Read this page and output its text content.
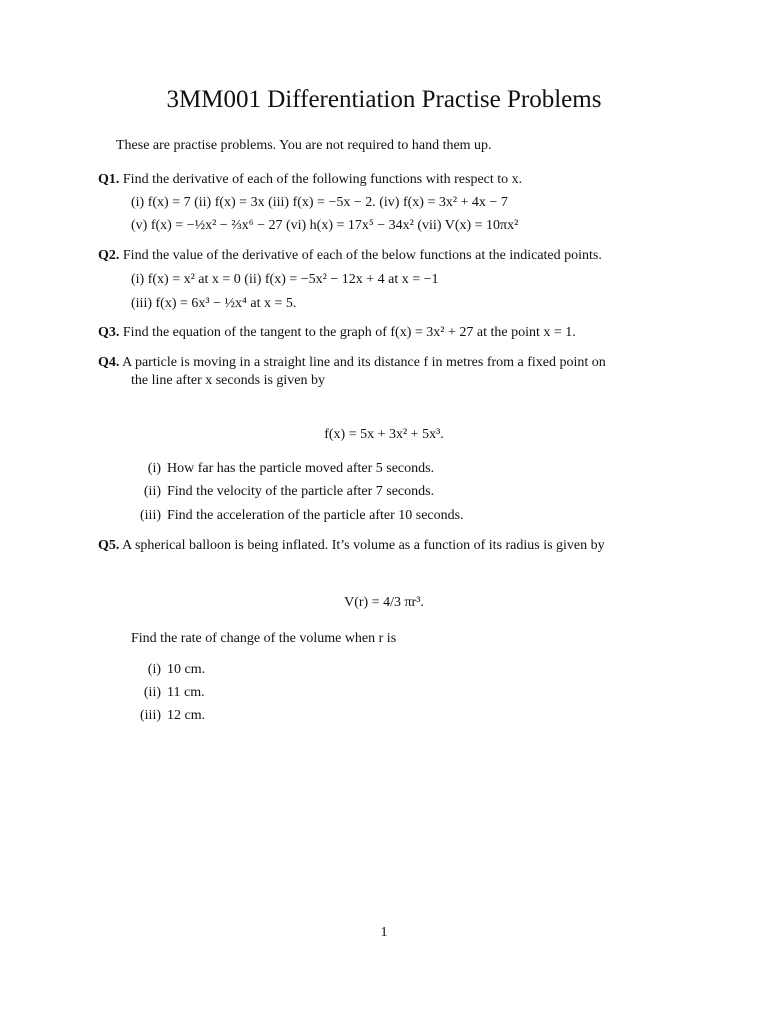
3MM001 Differentiation Practise Problems
These are practise problems. You are not required to hand them up.
Q1. Find the derivative of each of the following functions with respect to x.
(i) f(x) = 7 (ii) f(x) = 3x (iii) f(x) = −5x − 2. (iv) f(x) = 3x² + 4x − 7
(v) f(x) = −½x² − ⅔x⁶ − 27 (vi) h(x) = 17x⁵ − 34x² (vii) V(x) = 10πx²
Q2. Find the value of the derivative of each of the below functions at the indicated points.
(i) f(x) = x² at x = 0 (ii) f(x) = −5x² − 12x + 4 at x = −1
(iii) f(x) = 6x³ − ½x⁴ at x = 5.
Q3. Find the equation of the tangent to the graph of f(x) = 3x² + 27 at the point x = 1.
Q4. A particle is moving in a straight line and its distance f in metres from a fixed point on
the line after x seconds is given by
f(x) = 5x + 3x² + 5x³.
(i) How far has the particle moved after 5 seconds.
(ii) Find the velocity of the particle after 7 seconds.
(iii) Find the acceleration of the particle after 10 seconds.
Q5. A spherical balloon is being inflated. It’s volume as a function of its radius is given by
V(r) = 4/3 πr³.
Find the rate of change of the volume when r is
(i) 10 cm.
(ii) 11 cm.
(iii) 12 cm.
1
